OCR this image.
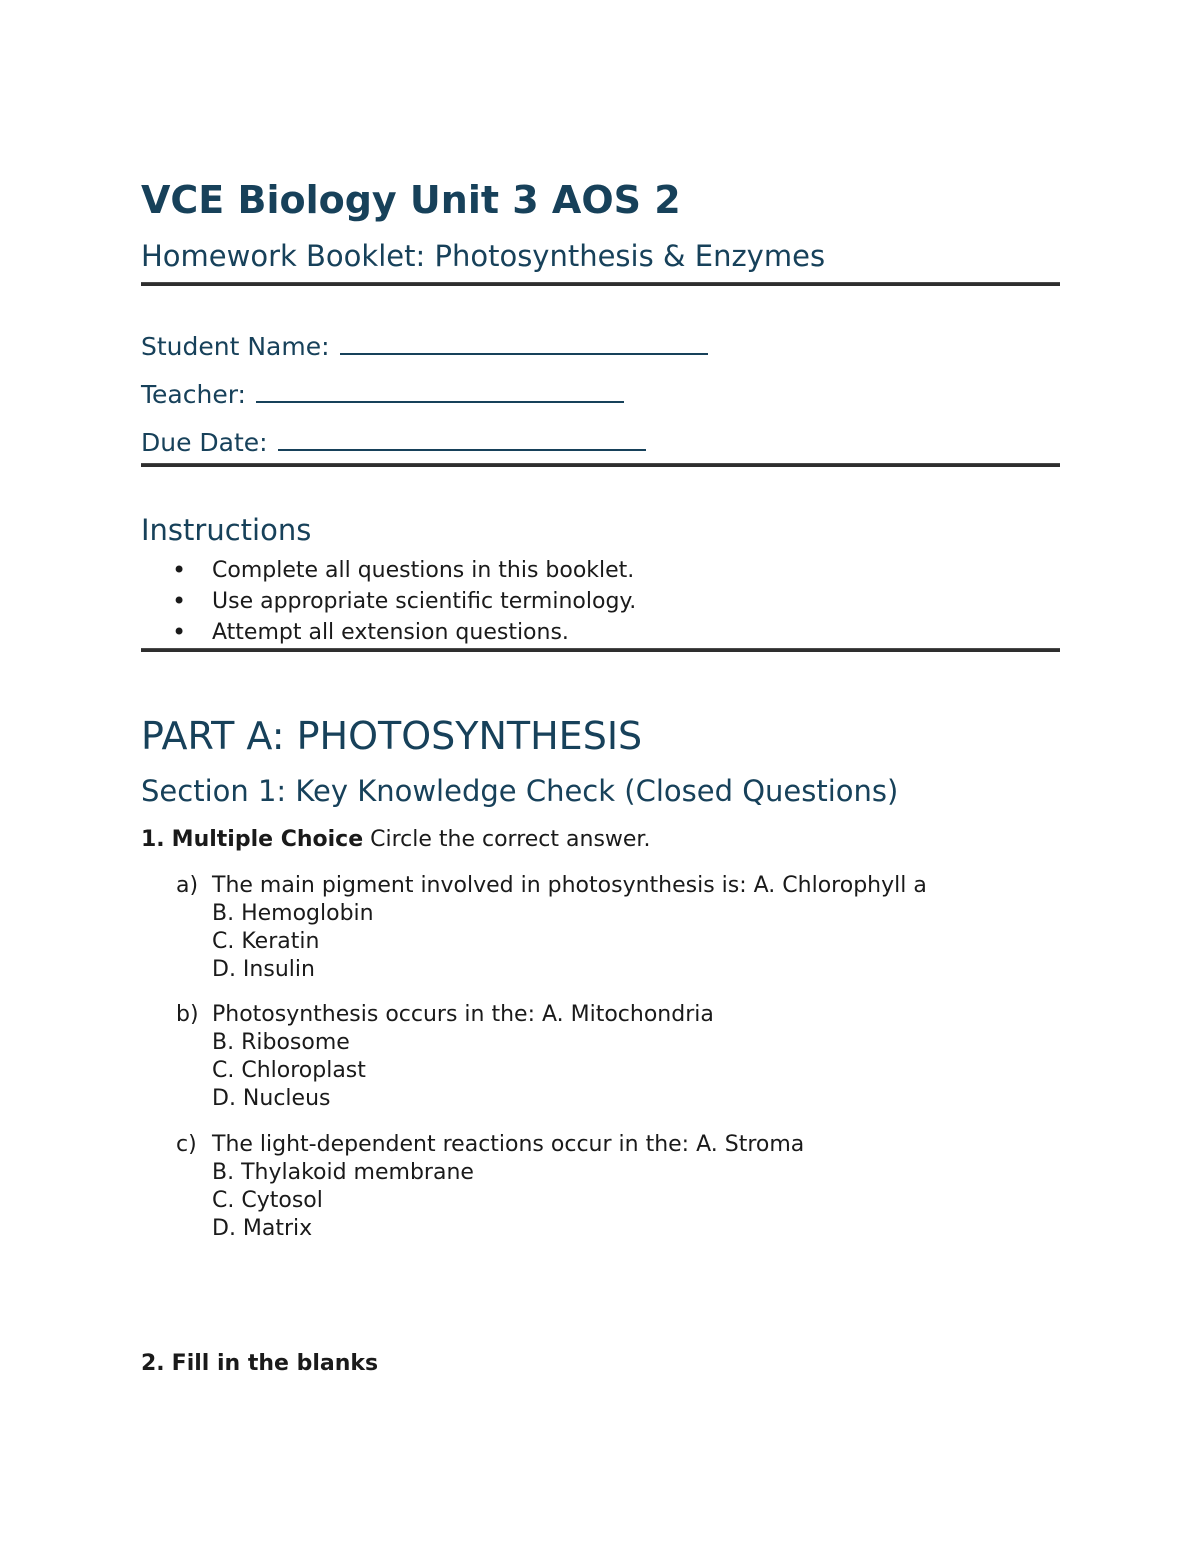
VCE Biology Unit 3 AOS 2
Homework Booklet: Photosynthesis & Enzymes
Student Name:
Teacher:
Due Date:
Instructions
• Complete all questions in this booklet.
• Use appropriate scientific terminology.
• Attempt all extension questions.
PART A: PHOTOSYNTHESIS
Section 1: Key Knowledge Check (Closed Questions)
1. Multiple Choice Circle the correct answer.
a) The main pigment involved in photosynthesis is: A. Chlorophyll a
B. Hemoglobin
C. Keratin
D. Insulin
b) Photosynthesis occurs in the: A. Mitochondria
B. Ribosome
C. Chloroplast
D. Nucleus
c) The light-dependent reactions occur in the: A. Stroma
B. Thylakoid membrane
C. Cytosol
D. Matrix
2. Fill in the blanks
